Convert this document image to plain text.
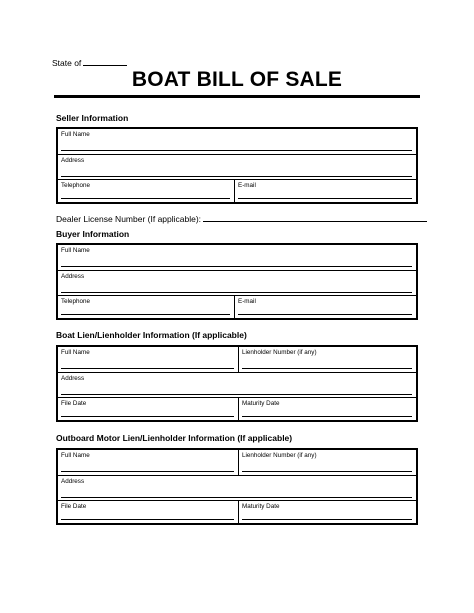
State of
BOAT BILL OF SALE
Seller Information
Full Name
Address
Telephone	E-mail
Dealer License Number (If applicable):
Buyer Information
Full Name
Address
Telephone	E-mail
Boat Lien/Lienholder Information (If applicable)
Full Name	Lienholder Number (if any)
Address
File Date	Maturity Date
Outboard Motor Lien/Lienholder Information (If applicable)
Full Name	Lienholder Number (if any)
Address
File Date	Maturity Date
